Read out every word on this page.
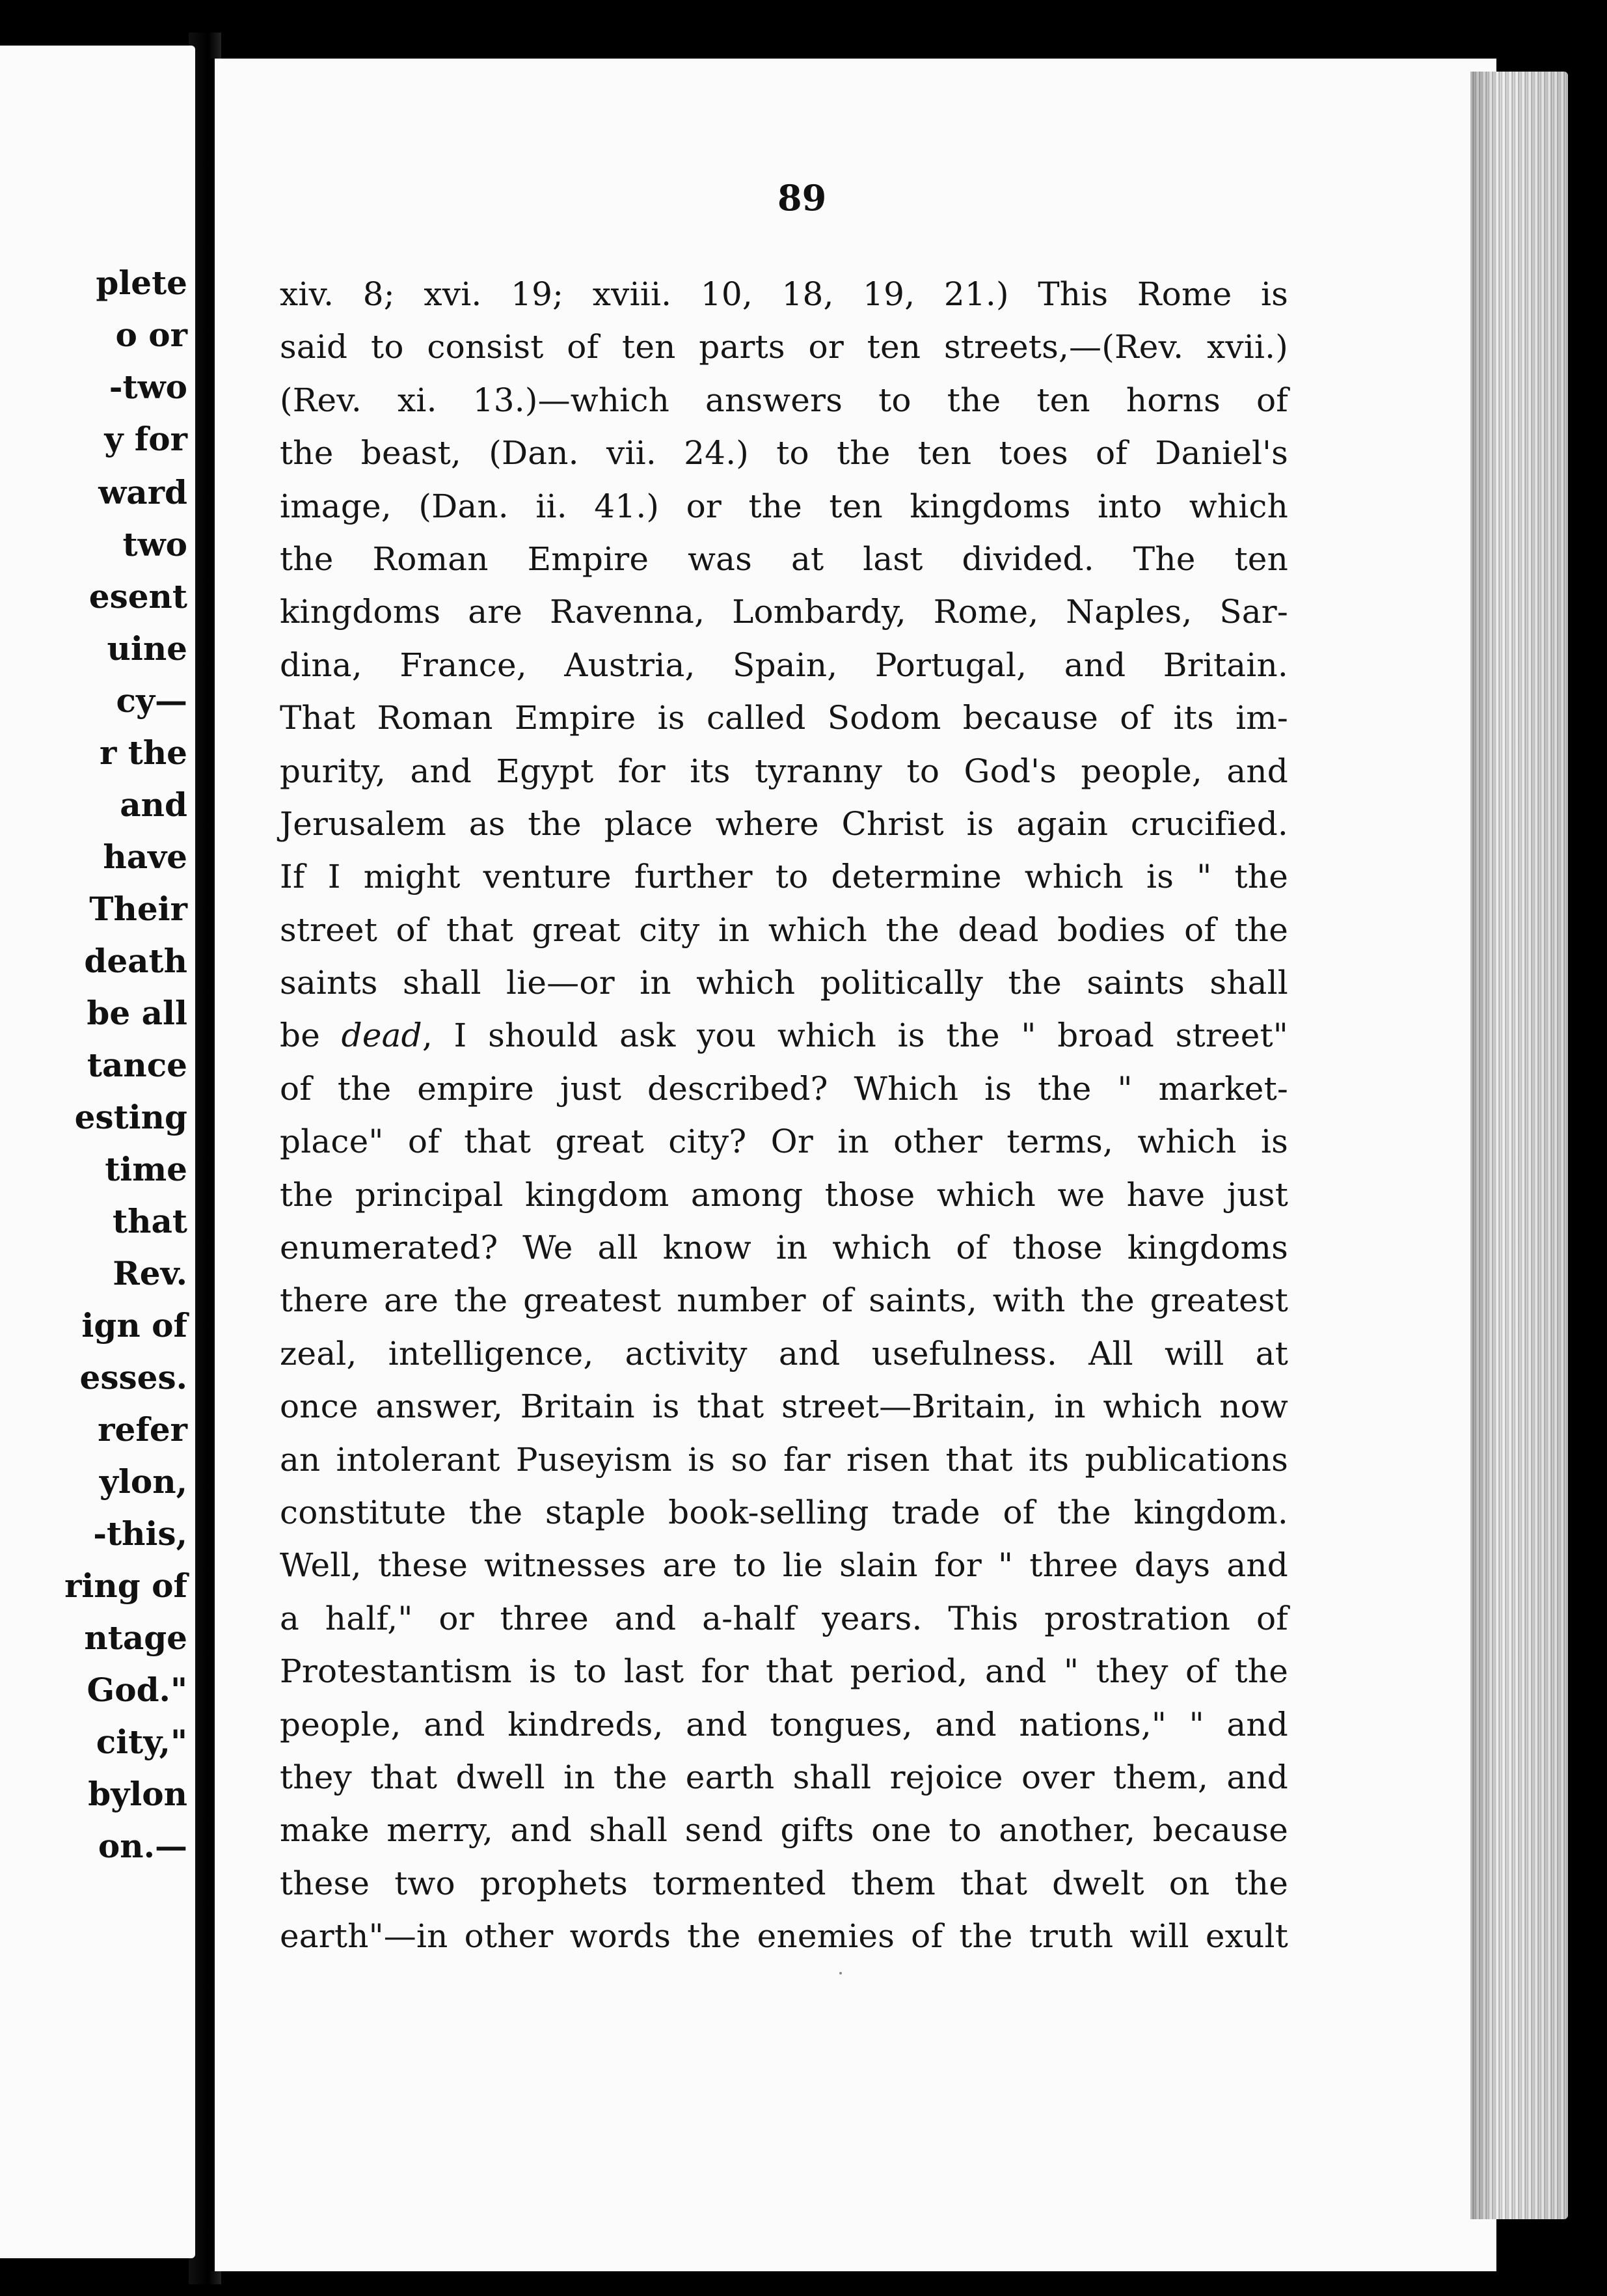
plete
o or
-two
y for
ward
two
esent
uine
cy—
r the
and
have
Their
death
be all
tance
esting
time
that
Rev.
ign of
esses.
refer
ylon,
-this,
ring of
ntage
God."
city,"
bylon
on.—
89
xiv. 8; xvi. 19; xviii. 10, 18, 19, 21.) This Rome is
said to consist of ten parts or ten streets,—(Rev. xvii.)
(Rev. xi. 13.)—which answers to the ten horns of
the beast, (Dan. vii. 24.) to the ten toes of Daniel's
image, (Dan. ii. 41.) or the ten kingdoms into which
the Roman Empire was at last divided. The ten
kingdoms are Ravenna, Lombardy, Rome, Naples, Sar-
dina, France, Austria, Spain, Portugal, and Britain.
That Roman Empire is called Sodom because of its im-
purity, and Egypt for its tyranny to God's people, and
Jerusalem as the place where Christ is again crucified.
If I might venture further to determine which is " the
street of that great city in which the dead bodies of the
saints shall lie—or in which politically the saints shall
be dead, I should ask you which is the " broad street"
of the empire just described? Which is the " market-
place" of that great city? Or in other terms, which is
the principal kingdom among those which we have just
enumerated? We all know in which of those kingdoms
there are the greatest number of saints, with the greatest
zeal, intelligence, activity and usefulness. All will at
once answer, Britain is that street—Britain, in which now
an intolerant Puseyism is so far risen that its publications
constitute the staple book-selling trade of the kingdom.
Well, these witnesses are to lie slain for " three days and
a half," or three and a-half years. This prostration of
Protestantism is to last for that period, and " they of the
people, and kindreds, and tongues, and nations," " and
they that dwell in the earth shall rejoice over them, and
make merry, and shall send gifts one to another, because
these two prophets tormented them that dwelt on the
earth"—in other words the enemies of the truth will exult
